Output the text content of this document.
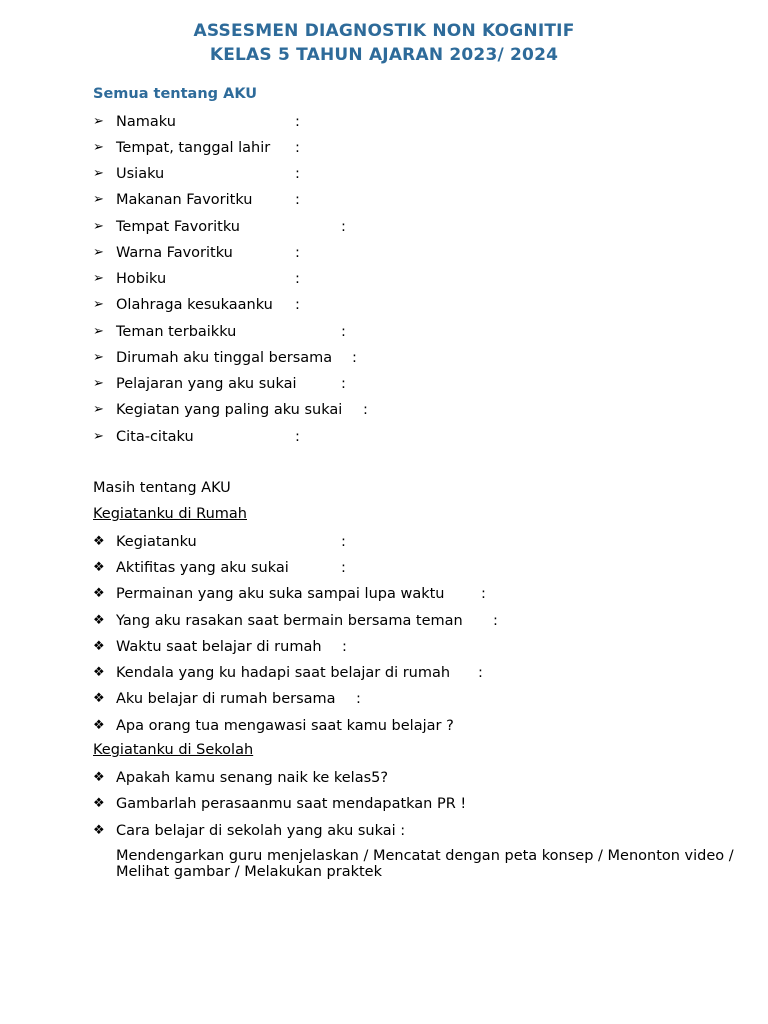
ASSESMEN DIAGNOSTIK NON KOGNITIF
KELAS 5 TAHUN AJARAN 2023/ 2024
Semua tentang AKU
➢ Namaku	:
➢ Tempat, tanggal lahir :
➢ Usiaku	:
➢ Makanan Favoritku	:
➢ Tempat Favoritku	:
➢ Warna Favoritku	:
➢ Hobiku	:
➢ Olahraga kesukaanku :
➢ Teman terbaikku	:
➢ Dirumah aku tinggal bersama :
➢ Pelajaran yang aku sukai	:
➢ Kegiatan yang paling aku sukai :
➢ Cita-citaku	:
Masih tentang AKU
Kegiatanku di Rumah
❖ Kegiatanku	:
❖ Aktifitas yang aku sukai	:
❖ Permainan yang aku suka sampai lupa waktu	:
❖ Yang aku rasakan saat bermain bersama teman :
❖ Waktu saat belajar di rumah :
❖ Kendala yang ku hadapi saat belajar di rumah :
❖ Aku belajar di rumah bersama :
❖ Apa orang tua mengawasi saat kamu belajar ?
Kegiatanku di Sekolah
❖ Apakah kamu senang naik ke kelas5?
❖ Gambarlah perasaanmu saat mendapatkan PR !
❖ Cara belajar di sekolah yang aku sukai :
Mendengarkan guru menjelaskan / Mencatat dengan peta konsep / Menonton video / Melihat gambar / Melakukan praktek
